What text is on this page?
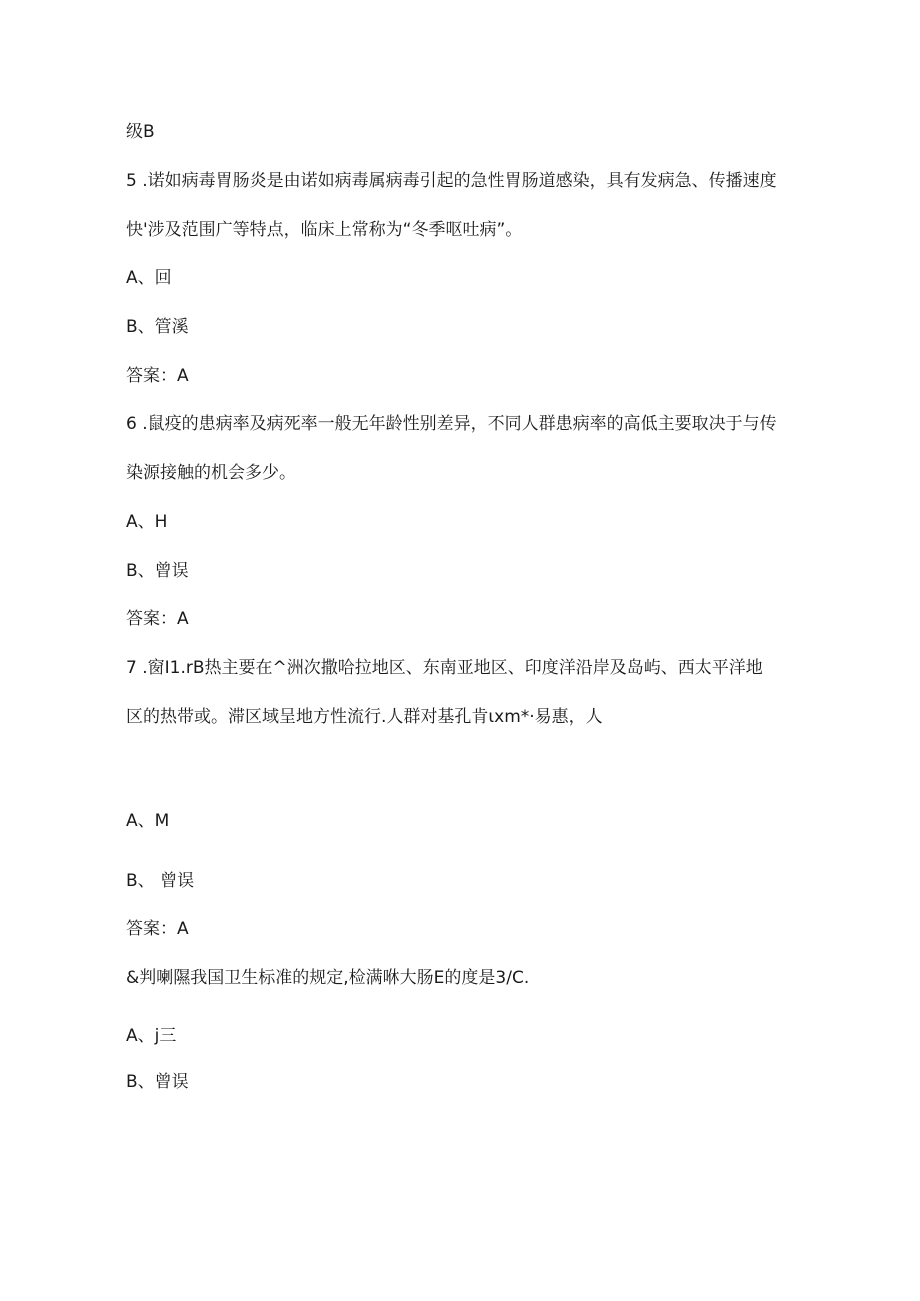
级B
5 .诺如病毒胃肠炎是由诺如病毒属病毒引起的急性胃肠道感染，具有发病急、传播速度
快'涉及范围广等特点，临床上常称为“冬季呕吐病”。
A、回
B、管溪
答案：A
6 .鼠疫的患病率及病死率一般无年龄性别差异，不同人群患病率的高低主要取决于与传
染源接触的机会多少。
A、H
B、曾误
答案：A
7 .窗I1.rB热主要在^洲次撒哈拉地区、东南亚地区、印度洋沿岸及岛屿、西太平洋地
区的热带或。滞区域呈地方性流行.人群对基孔肯ιxm*·易惠，人
A、M
B、 曾误
答案：A
&判喇隰我国卫生标准的规定,检满咻大肠E的度是3/C.
A、j三
B、曾误
